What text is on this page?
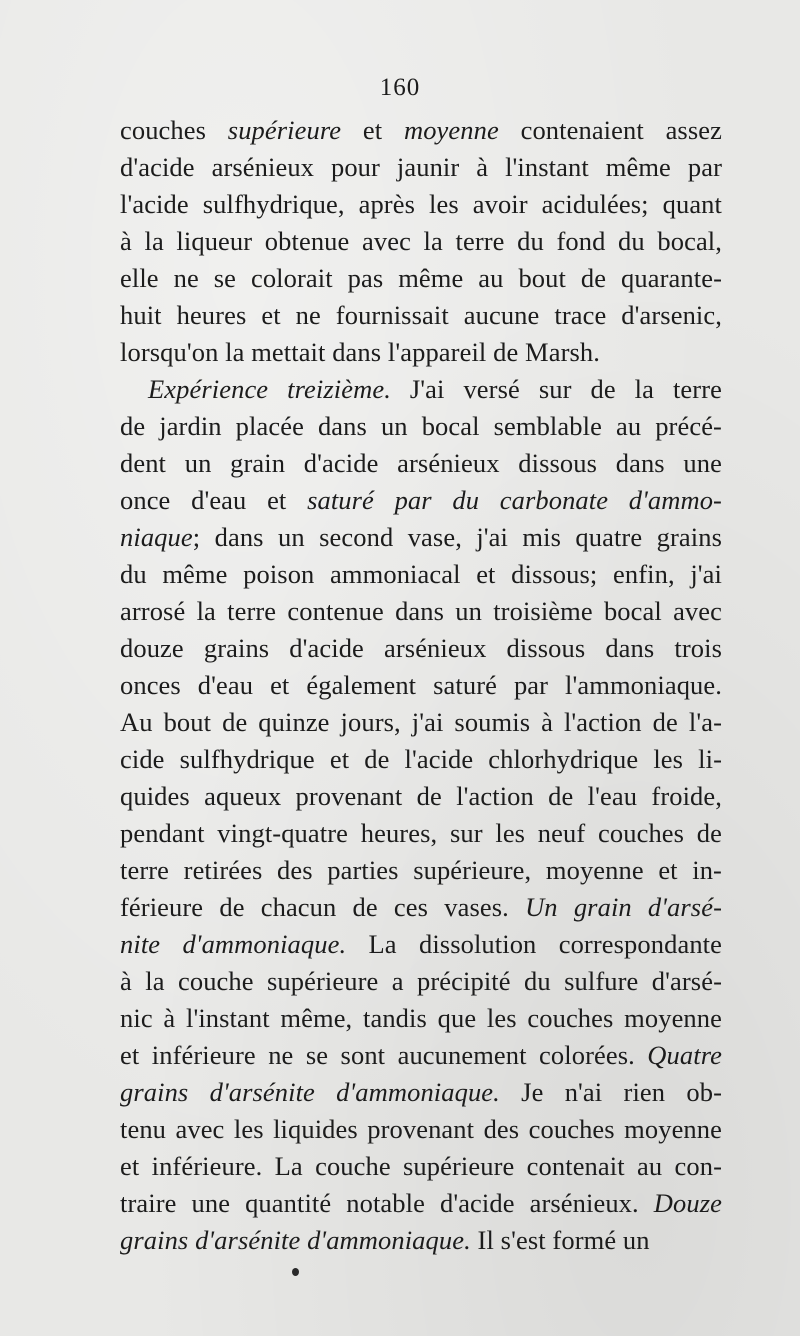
160
couches supérieure et moyenne contenaient assez
d'acide arsénieux pour jaunir à l'instant même par
l'acide sulfhydrique, après les avoir acidulées; quant
à la liqueur obtenue avec la terre du fond du bocal,
elle ne se colorait pas même au bout de quarante-
huit heures et ne fournissait aucune trace d'arsenic,
lorsqu'on la mettait dans l'appareil de Marsh.
Expérience treizième. J'ai versé sur de la terre
de jardin placée dans un bocal semblable au précé-
dent un grain d'acide arsénieux dissous dans une
once d'eau et saturé par du carbonate d'ammo-
niaque; dans un second vase, j'ai mis quatre grains
du même poison ammoniacal et dissous; enfin, j'ai
arrosé la terre contenue dans un troisième bocal avec
douze grains d'acide arsénieux dissous dans trois
onces d'eau et également saturé par l'ammoniaque.
Au bout de quinze jours, j'ai soumis à l'action de l'a-
cide sulfhydrique et de l'acide chlorhydrique les li-
quides aqueux provenant de l'action de l'eau froide,
pendant vingt-quatre heures, sur les neuf couches de
terre retirées des parties supérieure, moyenne et in-
férieure de chacun de ces vases. Un grain d'arsé-
nite d'ammoniaque. La dissolution correspondante
à la couche supérieure a précipité du sulfure d'arsé-
nic à l'instant même, tandis que les couches moyenne
et inférieure ne se sont aucunement colorées. Quatre
grains d'arsénite d'ammoniaque. Je n'ai rien ob-
tenu avec les liquides provenant des couches moyenne
et inférieure. La couche supérieure contenait au con-
traire une quantité notable d'acide arsénieux. Douze
grains d'arsénite d'ammoniaque. Il s'est formé un
